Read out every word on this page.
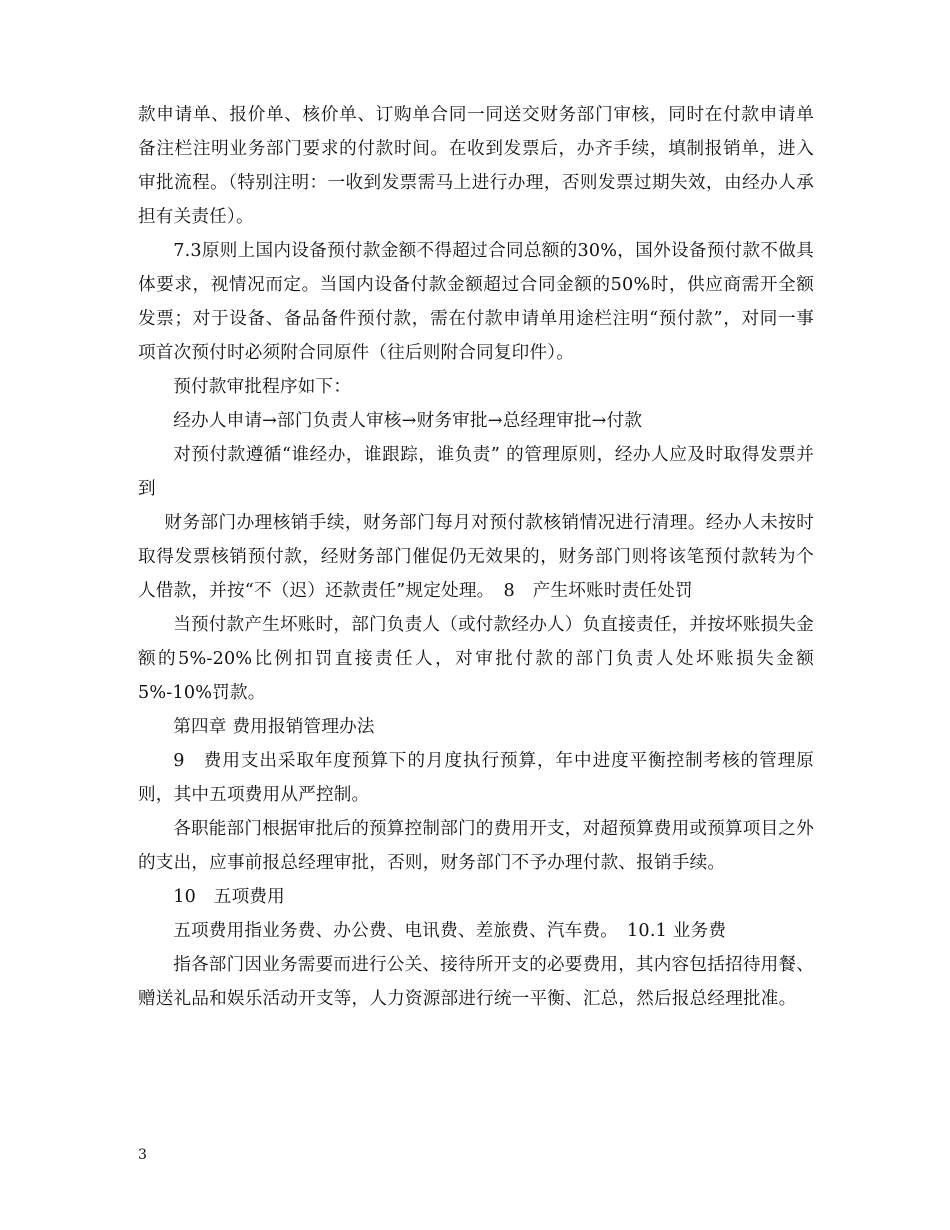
款申请单、报价单、核价单、订购单合同一同送交财务部门审核，同时在付款申请单备注栏注明业务部门要求的付款时间。在收到发票后，办齐手续，填制报销单，进入审批流程。（特别注明：一收到发票需马上进行办理，否则发票过期失效，由经办人承担有关责任）。

7.3原则上国内设备预付款金额不得超过合同总额的30%，国外设备预付款不做具体要求，视情况而定。当国内设备付款金额超过合同金额的50%时，供应商需开全额发票；对于设备、备品备件预付款，需在付款申请单用途栏注明“预付款”，对同一事项首次预付时必须附合同原件（往后则附合同复印件）。

预付款审批程序如下：

经办人申请→部门负责人审核→财务审批→总经理审批→付款

对预付款遵循“谁经办，谁跟踪，谁负责” 的管理原则，经办人应及时取得发票并到

财务部门办理核销手续，财务部门每月对预付款核销情况进行清理。经办人未按时取得发票核销预付款，经财务部门催促仍无效果的，财务部门则将该笔预付款转为个人借款，并按“不（迟）还款责任”规定处理。　8　产生坏账时责任处罚

当预付款产生坏账时，部门负责人（或付款经办人）负直接责任，并按坏账损失金额的5%-20%比例扣罚直接责任人，对审批付款的部门负责人处坏账损失金额5%-10%罚款。

第四章 费用报销管理办法

9　费用支出采取年度预算下的月度执行预算，年中进度平衡控制考核的管理原则，其中五项费用从严控制。

各职能部门根据审批后的预算控制部门的费用开支，对超预算费用或预算项目之外的支出，应事前报总经理审批，否则，财务部门不予办理付款、报销手续。

10　五项费用

五项费用指业务费、办公费、电讯费、差旅费、汽车费。　10.1 业务费

指各部门因业务需要而进行公关、接待所开支的必要费用，其内容包括招待用餐、赠送礼品和娱乐活动开支等，人力资源部进行统一平衡、汇总，然后报总经理批准。

3
